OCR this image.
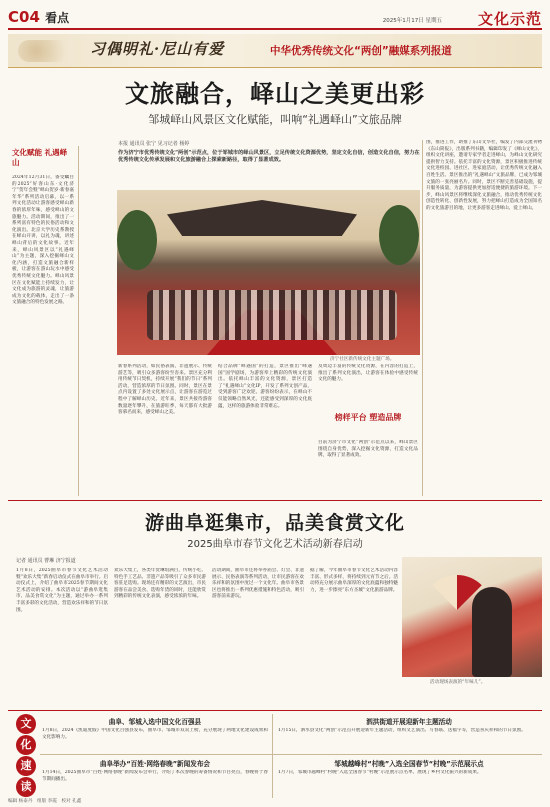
C04 看点	2025年1月17日 星期五 文化示范
习偶明礼·尼山有爱	中华优秀传统文化“两创”融媒系列报道
文旅融合，峄山之美更出彩
邹城峄山风景区文化赋能，叫响“礼遇峄山”文旅品牌
文化赋能 礼遇峄山
2024年12月31日，备受瞩目的2025“好客山东·文化济宁”贺年会暨“峄山贺岁·新春嘉年华”系列活动启幕，以一系列文化活动让游客感受峄山新春的浓厚年味，感受峄山的文旅魅力。活动期间，推出了一系列富有特色的民俗活动和文化演出。北京大学历史系教授在峄山开讲，以礼为魂，讲述峄山背后的文化故事。近年来，峄山风景区以“礼遇峄山”为主题，深入挖掘峄山文化内涵，打造文旅融合新样板，让游客在游山玩水中感受优秀传统文化魅力。峄山风景区在文化赋能上持续发力，让文化成为旅游的灵魂，让旅游成为文化的载体，走出了一条文旅融合的特色发展之路。
本报 通讯员 张宁 见习记者 杨婷
作为济宁市优秀传统文化“两创”示范点，位于邹城市的峄山风景区，立足传统文化资源优势，坚定文化自信，创造文化自信，努力在优秀传统文化传承发展和文化旅游融合上探索新路径，取得了显著成效。
济宁社区新传统文化主题广场。
新春系列活动，如民俗表演、非遗展示、传统游艺等，吸引众多游客纷至沓来。景区充分利用传统节日契机，持续开展“我们的节日”系列活动，营造浓厚的节日氛围。同时，景区在景点内设置了多处文化展示点，让游客在游览过程中了解峄山历史。近年来，景区共接待游客数量逐年攀升，在旅游旺季，每天都有大批游客慕名而来，感受峄山之美。
结合品牌“峄遇国”的打造，景区推出“峄遇国”国学剧场，为游客奉上精彩的传统文化演出。依托峄山丰富的文化资源，景区打造了“礼遇峄山”文化IP，开发了系列文创产品，受到游客广泛欢迎。游客纷纷表示，在峄山不仅能领略自然风光，还能感受到深厚的文化底蕴，这样的旅游体验非常难忘。
及周边丰富的传统文化资源，在内容的打造上，推出了系列文化演出，让游客在体验中感受传统文化的魅力。
榜样平台 塑造品牌
目前为济宁市文化“两创”示范点以来，峄山景区围绕自身优势，深入挖掘文化资源，打造文化品牌，取得了显著成效。
围，推进工作，助推了东山文华社，编发了内部交流刊物《东山简报》，出版系列书籍，编辑印发了《峄山文化》，组织文化讲座，邀请专家学者走进峄山，为峄山文化研究提供智力支持。依托丰富的文化资源，景区积极推进传统文化进校园、进社区、进家庭活动，让优秀传统文化融入百姓生活。景区推出的“礼遇峄山”文旅品牌，已成为邹城文旅的一张亮丽名片。同时，景区不断完善基础设施，提升服务质量，为游客提供更加舒适便捷的旅游环境。下一步，峄山风景区将继续深化文旅融合，推动优秀传统文化创造性转化、创新性发展，努力把峄山打造成为全国知名的文化旅游目的地，让更多游客走进峄山、爱上峄山。
游曲阜逛集市，品美食赏文化
2025曲阜市春节文化艺术活动新春启动
记者 通讯员 曹琳 济宁报道
1月8日，2025曲阜市春节文化艺术活动暨“欢乐大集”新春启动仪式在曲阜市举行。启动仪式上，介绍了曲阜市2025春节期间文化艺术活动的安排。本次活动以“游曲阜逛集市、品美食赏文化”为主题，通过举办一系列丰富多彩的文化活动，营造欢乐祥和的节日氛围。
欢乐大集上，各类年货琳琅满目，传统小吃、特色手工艺品、非遗产品等吸引了众多市民游客驻足选购。现场还有精彩的文艺演出，市民游客在品尝美食、选购年货的同时，还能欣赏到精彩的传统文化表演，感受浓浓的年味。
活动期间，曲阜市还将举办庙会、灯会、非遗展示、民俗表演等系列活动，让市民游客在欢乐祥和的氛围中度过一个文化年。曲阜市各景区也将推出一系列优惠措施和特色活动，吸引游客前来游玩。
据了解，今年曲阜市春节文化艺术活动内容丰富、形式多样，将持续到元宵节之后。活动将充分展示曲阜深厚的文化底蕴和独特魅力，进一步擦亮“东方圣城”文化旅游品牌。
活动现场表演的“年味儿”。
文
化
速
读
曲阜、邹城入选中国文化百强县
1月8日，2024《凯迪度假》中国文化百强县发布，曲阜市、邹城市双双上榜，充分展现了两地文化建设成果和文化影响力。
泗洪街道开展迎新年主题活动
1月15日，泗水县文化“两创”示范点开展迎新年主题活动，组织文艺演出、写春联、送福字等，营造喜庆祥和的节日氛围。
曲阜举办“百姓·网络春晚”新闻发布会
1月14日，2025曲阜市“百姓·网络春晚”新闻发布会举行，介绍了本次春晚的筹备情况和节目亮点，春晚将于春节期间播出。
邹城越峰村“村晚”入选全国春节“村晚”示范展示点
1月7日，邹城市越峰村“村晚”入选全国春节“村晚”示范展示点名单，展现了乡村文化振兴的新成果。
编辑 杨泰丹　组版 李霞　校对 孔鑫
